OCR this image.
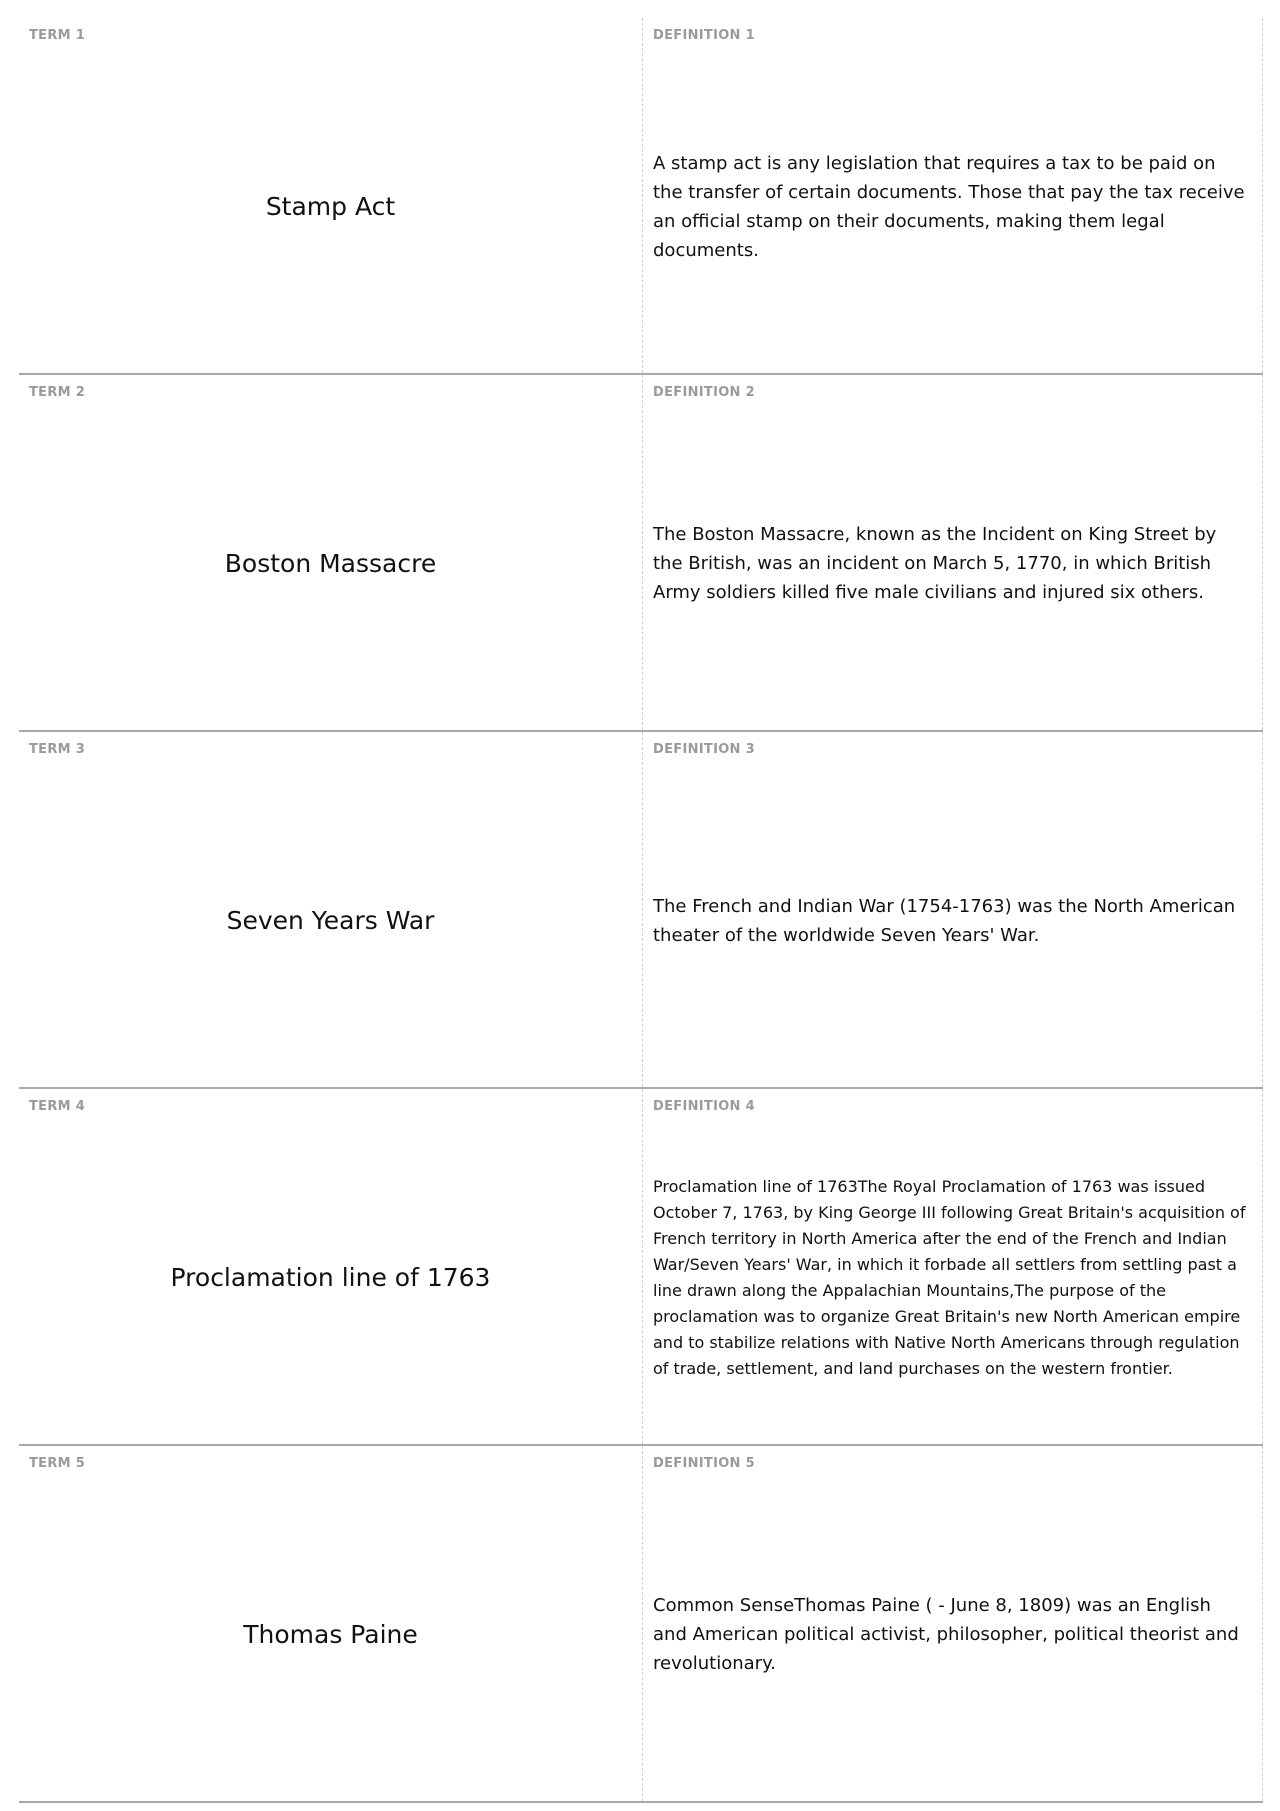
TERM 1
Stamp Act
DEFINITION 1
A stamp act is any legislation that requires a tax to be paid on the transfer of certain documents. Those that pay the tax receive an official stamp on their documents, making them legal documents.
TERM 2
Boston Massacre
DEFINITION 2
The Boston Massacre, known as the Incident on King Street by the British, was an incident on March 5, 1770, in which British Army soldiers killed five male civilians and injured six others.
TERM 3
Seven Years War
DEFINITION 3
The French and Indian War (1754-1763) was the North American theater of the worldwide Seven Years' War.
TERM 4
Proclamation line of 1763
DEFINITION 4
Proclamation line of 1763The Royal Proclamation of 1763 was issued October 7, 1763, by King George III following Great Britain's acquisition of French territory in North America after the end of the French and Indian War/Seven Years' War, in which it forbade all settlers from settling past a line drawn along the Appalachian Mountains,The purpose of the proclamation was to organize Great Britain's new North American empire and to stabilize relations with Native North Americans through regulation of trade, settlement, and land purchases on the western frontier.
TERM 5
Thomas Paine
DEFINITION 5
Common SenseThomas Paine ( - June 8, 1809) was an English and American political activist, philosopher, political theorist and revolutionary.
